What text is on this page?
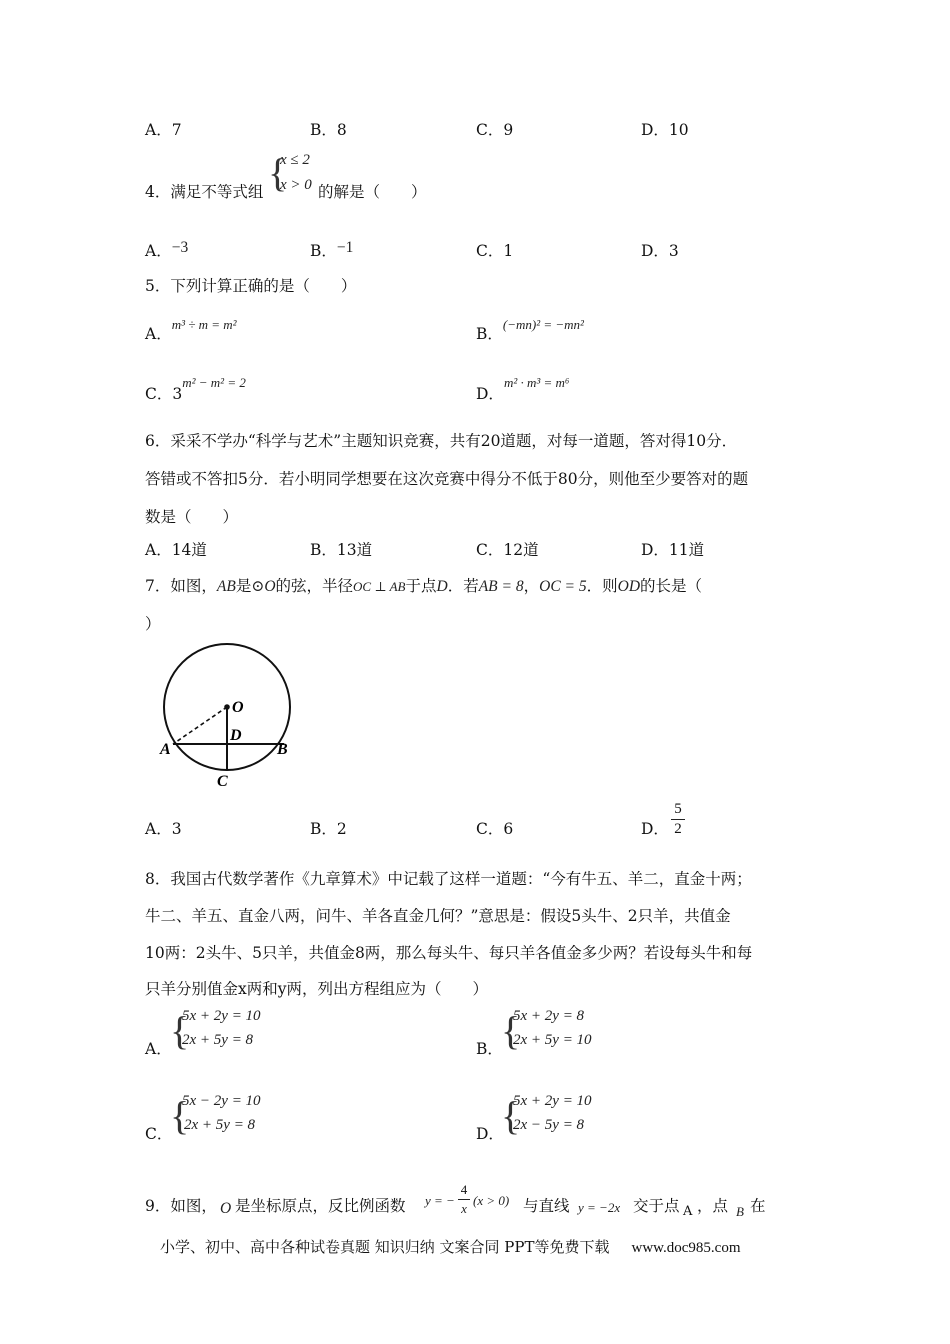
A．7	B．8	C．9	D．10
4．满足不等式组 {
x ≤ 2
x > 0 的解是（　　）
A．−3	B．−1	C．1	D．3
5．下列计算正确的是（　　）
A．$^{m^3 \div m = m^2}$
B．$^{(-mn)^2 = -mn^2}$
C．$3^{m^2 - m^2 = 2}$
D．$^{m^2 \cdot m^3 = m^6}$
6．采采不学办“科学与艺术”主题知识竞赛，共有20道题，对每一道题，答对得10分．
答错或不答扣5分．若小明同学想要在这次竞赛中得分不低于80分，则他至少要答对的题
数是（　　）
A．14道	B．13道	C．12道	D．11道
7．如图，AB是⊙O的弦，半径OC ⊥ AB于点D．若AB = 8，OC = 5．则OD的长是（
）
O
D
A	B
C
A．3	B．2	C．6	D．
5
2
8．我国古代数学著作《九章算术》中记载了这样一道题：“今有牛五、羊二，直金十两；
牛二、羊五、直金八两，问牛、羊各直金几何？”意思是：假设5头牛、2只羊，共值金
10两：2头牛、5只羊，共值金8两，那么每头牛、每只羊各值金多少两？若设每头牛和每
只羊分别值金x两和y两，列出方程组应为（　　）
A．
{
5x + 2y = 10
2x + 5y = 8	B．
{
5x + 2y = 8
2x + 5y = 10
C．
{
5x − 2y = 10
2x + 5y = 8	D．
{
5x + 2y = 10
2x − 5y = 8
9．如图， O 是坐标原点，反比例函数 y = −
4
x
(x > 0) 与直线 y = −2x 交于点 A ，点 B 在
小学、初中、高中各种试卷真题 知识归纳 文案合同 PPT等免费下载 www.doc985.com
